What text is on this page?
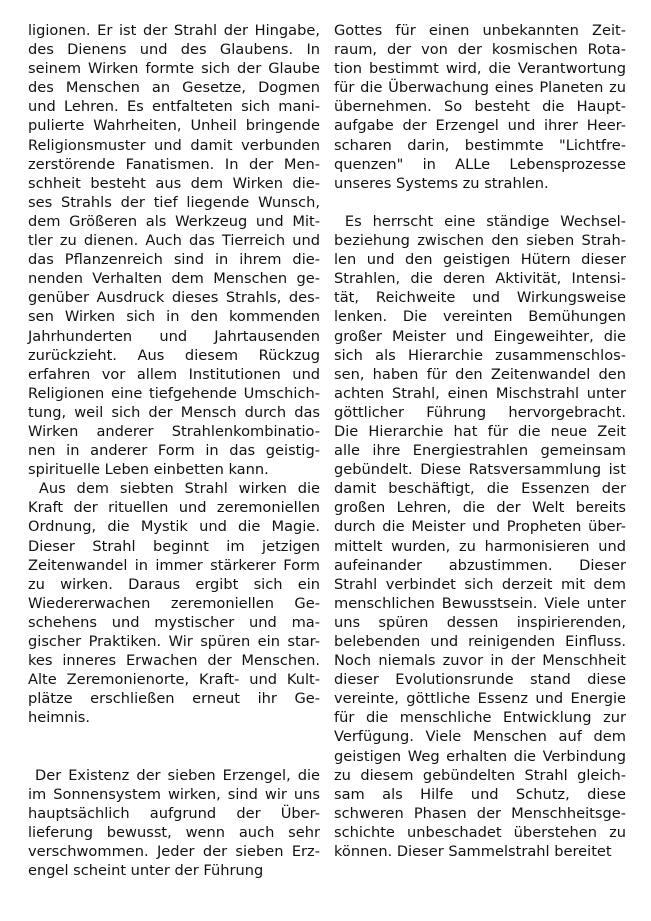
ligionen. Er ist der Strahl der Hingabe,
des Dienens und des Glaubens. In
seinem Wirken formte sich der Glaube
des Menschen an Gesetze, Dogmen
und Lehren. Es entfalteten sich mani-
pulierte Wahrheiten, Unheil bringende
Religionsmuster und damit verbunden
zerstörende Fanatismen. In der Men-
schheit besteht aus dem Wirken die-
ses Strahls der tief liegende Wunsch,
dem Größeren als Werkzeug und Mit-
tler zu dienen. Auch das Tierreich und
das Pflanzenreich sind in ihrem die-
nenden Verhalten dem Menschen ge-
genüber Ausdruck dieses Strahls, des-
sen Wirken sich in den kommenden
Jahrhunderten und Jahrtausenden
zurückzieht. Aus diesem Rückzug
erfahren vor allem Institutionen und
Religionen eine tiefgehende Umschich-
tung, weil sich der Mensch durch das
Wirken anderer Strahlenkombinatio-
nen in anderer Form in das geistig-
spirituelle Leben einbetten kann.
Aus dem siebten Strahl wirken die
Kraft der rituellen und zeremoniellen
Ordnung, die Mystik und die Magie.
Dieser Strahl beginnt im jetzigen
Zeitenwandel in immer stärkerer Form
zu wirken. Daraus ergibt sich ein
Wiedererwachen zeremoniellen Ge-
schehens und mystischer und ma-
gischer Praktiken. Wir spüren ein star-
kes inneres Erwachen der Menschen.
Alte Zeremonienorte, Kraft- und Kult-
plätze erschließen erneut ihr Ge-
heimnis.
Der Existenz der sieben Erzengel, die
im Sonnensystem wirken, sind wir uns
hauptsächlich aufgrund der Über-
lieferung bewusst, wenn auch sehr
verschwommen. Jeder der sieben Erz-
engel scheint unter der Führung
Gottes für einen unbekannten Zeit-
raum, der von der kosmischen Rota-
tion bestimmt wird, die Verantwortung
für die Überwachung eines Planeten zu
übernehmen. So besteht die Haupt-
aufgabe der Erzengel und ihrer Heer-
scharen darin, bestimmte "Lichtfre-
quenzen" in ALLe Lebensprozesse
unseres Systems zu strahlen.
Es herrscht eine ständige Wechsel-
beziehung zwischen den sieben Strah-
len und den geistigen Hütern dieser
Strahlen, die deren Aktivität, Intensi-
tät, Reichweite und Wirkungsweise
lenken. Die vereinten Bemühungen
großer Meister und Eingeweihter, die
sich als Hierarchie zusammenschlos-
sen, haben für den Zeitenwandel den
achten Strahl, einen Mischstrahl unter
göttlicher Führung hervorgebracht.
Die Hierarchie hat für die neue Zeit
alle ihre Energiestrahlen gemeinsam
gebündelt. Diese Ratsversammlung ist
damit beschäftigt, die Essenzen der
großen Lehren, die der Welt bereits
durch die Meister und Propheten über-
mittelt wurden, zu harmonisieren und
aufeinander abzustimmen. Dieser
Strahl verbindet sich derzeit mit dem
menschlichen Bewusstsein. Viele unter
uns spüren dessen inspirierenden,
belebenden und reinigenden Einfluss.
Noch niemals zuvor in der Menschheit
dieser Evolutionsrunde stand diese
vereinte, göttliche Essenz und Energie
für die menschliche Entwicklung zur
Verfügung. Viele Menschen auf dem
geistigen Weg erhalten die Verbindung
zu diesem gebündelten Strahl gleich-
sam als Hilfe und Schutz, diese
schweren Phasen der Menschheitsge-
schichte unbeschadet überstehen zu
können. Dieser Sammelstrahl bereitet
